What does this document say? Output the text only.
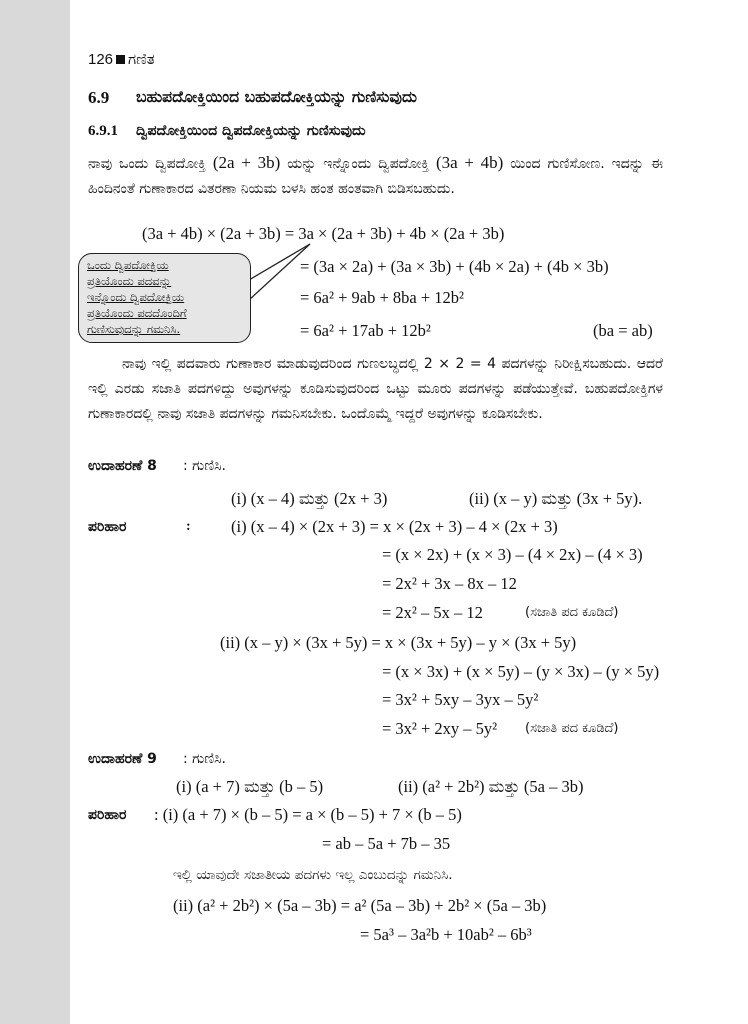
126 ಗಣಿತ
6.9 ಬಹುಪದೋಕ್ತಿಯಿಂದ ಬಹುಪದೋಕ್ತಿಯನ್ನು ಗುಣಿಸುವುದು
6.9.1 ದ್ವಿಪದೋಕ್ತಿಯಿಂದ ದ್ವಿಪದೋಕ್ತಿಯನ್ನು ಗುಣಿಸುವುದು
ನಾವು ಒಂದು ದ್ವಿಪದೋಕ್ತಿ (2a + 3b) ಯನ್ನು ಇನ್ನೊಂದು ದ್ವಿಪದೋಕ್ತಿ (3a + 4b) ಯಿಂದ ಗುಣಿಸೋಣ. ಇದನ್ನು ಈ ಹಿಂದಿನಂತೆ ಗುಣಾಕಾರದ ವಿತರಣಾ ನಿಯಮ ಬಳಸಿ ಹಂತ ಹಂತವಾಗಿ ಬಿಡಿಸಬಹುದು.
(3a + 4b) × (2a + 3b) = 3a × (2a + 3b) + 4b × (2a + 3b)
= (3a × 2a) + (3a × 3b) + (4b × 2a) + (4b × 3b)
= 6a² + 9ab + 8ba + 12b²
= 6a² + 17ab + 12b²	(ba = ab)
ಒಂದು ದ್ವಿಪದೋಕ್ತಿಯ
ಪ್ರತಿಯೊಂದು ಪದವನ್ನು
ಇನ್ನೊಂದು ದ್ವಿಪದೋಕ್ತಿಯ
ಪ್ರತಿಯೊಂದು ಪದದೊಂದಿಗೆ
ಗುಣಿಸುವುದನ್ನು ಗಮನಿಸಿ.
ನಾವು ಇಲ್ಲಿ ಪದವಾರು ಗುಣಾಕಾರ ಮಾಡುವುದರಿಂದ ಗುಣಲಬ್ಧದಲ್ಲಿ 2 × 2 = 4 ಪದಗಳನ್ನು ನಿರೀಕ್ಷಿಸಬಹುದು. ಆದರೆ ಇಲ್ಲಿ ಎರಡು ಸಜಾತಿ ಪದಗಳಿದ್ದು ಅವುಗಳನ್ನು ಕೂಡಿಸುವುದರಿಂದ ಒಟ್ಟು ಮೂರು ಪದಗಳನ್ನು ಪಡೆಯುತ್ತೇವೆ. ಬಹುಪದೋಕ್ತಿಗಳ ಗುಣಾಕಾರದಲ್ಲಿ ನಾವು ಸಜಾತಿ ಪದಗಳನ್ನು ಗಮನಿಸಬೇಕು. ಒಂದೊಮ್ಮೆ ಇದ್ದರೆ ಅವುಗಳನ್ನು ಕೂಡಿಸಬೇಕು.
ಉದಾಹರಣೆ 8 : ಗುಣಿಸಿ.
(i) (x – 4) ಮತ್ತು (2x + 3)	(ii) (x – y) ಮತ್ತು (3x + 5y).
ಪರಿಹಾರ	: (i) (x – 4) × (2x + 3) = x × (2x + 3) – 4 × (2x + 3)
= (x × 2x) + (x × 3) – (4 × 2x) – (4 × 3)
= 2x² + 3x – 8x – 12
= 2x² – 5x – 12	(ಸಜಾತಿ ಪದ ಕೂಡಿದೆ)
(ii) (x – y) × (3x + 5y) = x × (3x + 5y) – y × (3x + 5y)
= (x × 3x) + (x × 5y) – (y × 3x) – (y × 5y)
= 3x² + 5xy – 3yx – 5y²
= 3x² + 2xy – 5y² (ಸಜಾತಿ ಪದ ಕೂಡಿದೆ)
ಉದಾಹರಣೆ 9 : ಗುಣಿಸಿ.
(i) (a + 7) ಮತ್ತು (b – 5)	(ii) (a² + 2b²) ಮತ್ತು (5a – 3b)
ಪರಿಹಾರ : (i) (a + 7) × (b – 5) = a × (b – 5) + 7 × (b – 5)
= ab – 5a + 7b – 35
ಇಲ್ಲಿ ಯಾವುದೇ ಸಜಾತೀಯ ಪದಗಳು ಇಲ್ಲ ಎಂಬುದನ್ನು ಗಮನಿಸಿ.
(ii) (a² + 2b²) × (5a – 3b) = a² (5a – 3b) + 2b² × (5a – 3b)
= 5a³ – 3a²b + 10ab² – 6b³
